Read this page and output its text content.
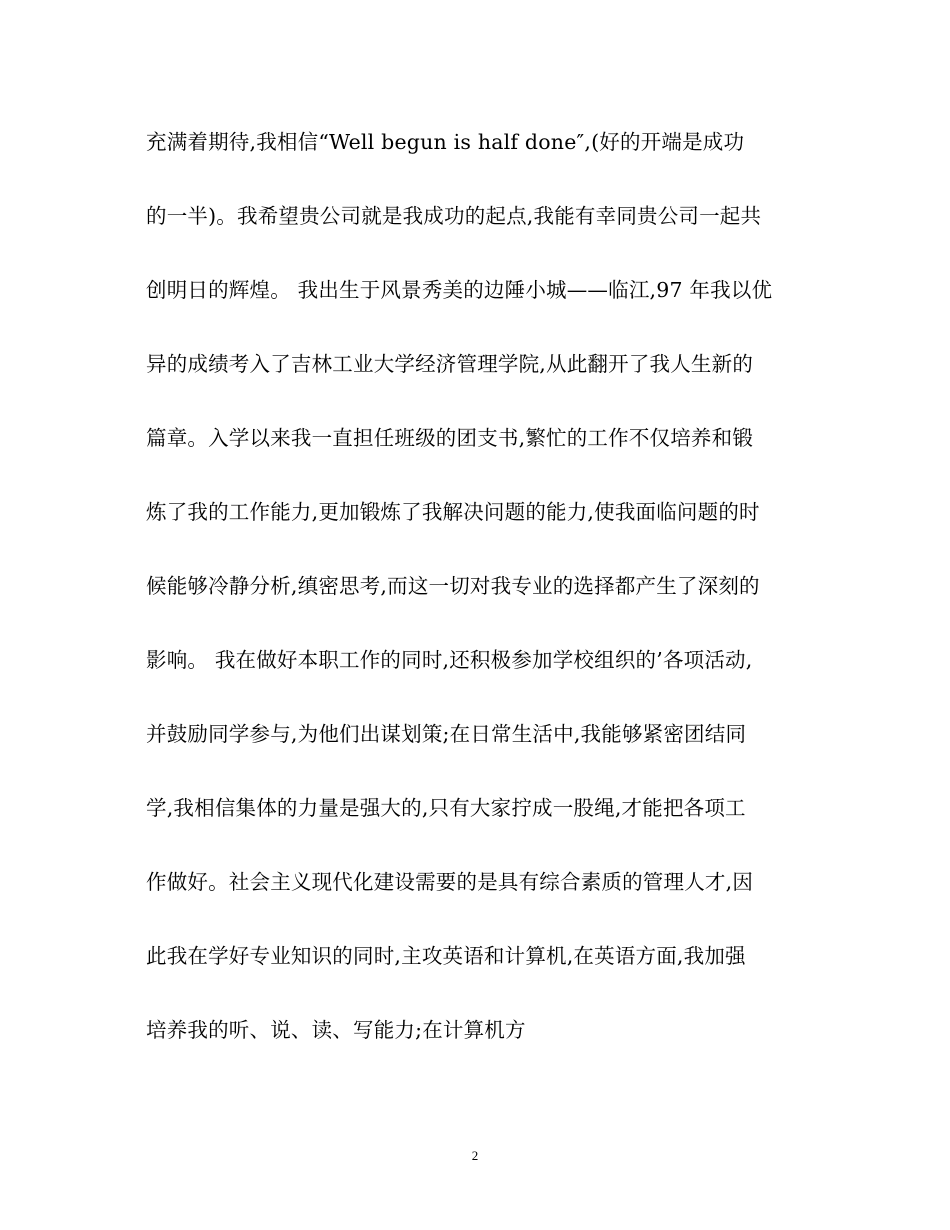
充满着期待,我相信“Well begun is half done″,(好的开端是成功
的一半)。我希望贵公司就是我成功的起点,我能有幸同贵公司一起共
创明日的辉煌。 我出生于风景秀美的边陲小城——临江,97 年我以优
异的成绩考入了吉林工业大学经济管理学院,从此翻开了我人生新的
篇章。入学以来我一直担任班级的团支书,繁忙的工作不仅培养和锻
炼了我的工作能力,更加锻炼了我解决问题的能力,使我面临问题的时
候能够冷静分析,缜密思考,而这一切对我专业的选择都产生了深刻的
影响。 我在做好本职工作的同时,还积极参加学校组织的’各项活动,
并鼓励同学参与,为他们出谋划策;在日常生活中,我能够紧密团结同
学,我相信集体的力量是强大的,只有大家拧成一股绳,才能把各项工
作做好。社会主义现代化建设需要的是具有综合素质的管理人才,因
此我在学好专业知识的同时,主攻英语和计算机,在英语方面,我加强
培养我的听、说、读、写能力;在计算机方
2
